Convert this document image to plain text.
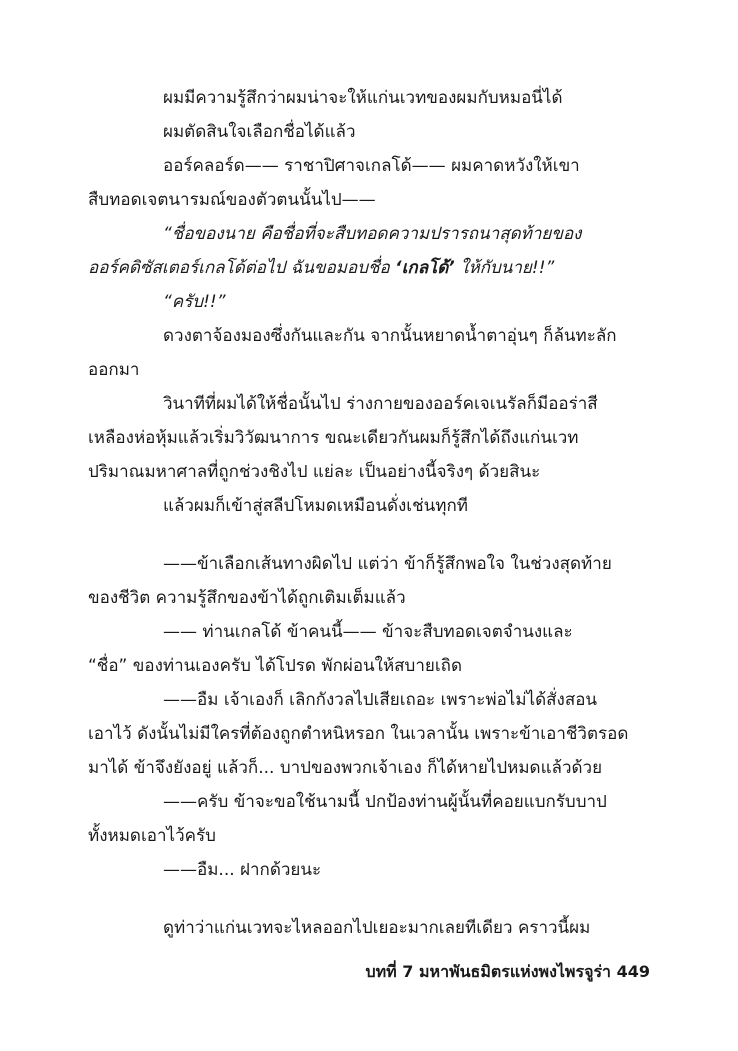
ผมมีความรู้สึกว่าผมน่าจะให้แก่นเวทของผมกับหมอนี่ได้
ผมตัดสินใจเลือกชื่อได้แล้ว
ออร์คลอร์ด—— ราชาปิศาจเกลโด้—— ผมคาดหวังให้เขา
สืบทอดเจตนารมณ์ของตัวตนนั้นไป——
“ชื่อของนาย คือชื่อที่จะสืบทอดความปรารถนาสุดท้ายของ
ออร์คดิซัสเตอร์เกลโด้ต่อไป ฉันขอมอบชื่อ ‘เกลโด้’ ให้กับนาย!!”
“ครับ!!”
ดวงตาจ้องมองซึ่งกันและกัน จากนั้นหยาดน้ำตาอุ่นๆ ก็ล้นทะลัก
ออกมา
วินาทีที่ผมได้ให้ชื่อนั้นไป ร่างกายของออร์คเจเนรัลก็มีออร่าสี
เหลืองห่อหุ้มแล้วเริ่มวิวัฒนาการ ขณะเดียวกันผมก็รู้สึกได้ถึงแก่นเวท
ปริมาณมหาศาลที่ถูกช่วงชิงไป แย่ละ เป็นอย่างนี้จริงๆ ด้วยสินะ
แล้วผมก็เข้าสู่สลีปโหมดเหมือนดั่งเช่นทุกที
——ข้าเลือกเส้นทางผิดไป แต่ว่า ข้าก็รู้สึกพอใจ ในช่วงสุดท้าย
ของชีวิต ความรู้สึกของข้าได้ถูกเติมเต็มแล้ว
—— ท่านเกลโด้ ข้าคนนี้—— ข้าจะสืบทอดเจตจำนงและ
“ชื่อ” ของท่านเองครับ ได้โปรด พักผ่อนให้สบายเถิด
——อืม เจ้าเองก็ เลิกกังวลไปเสียเถอะ เพราะพ่อไม่ได้สั่งสอน
เอาไว้ ดังนั้นไม่มีใครที่ต้องถูกตำหนิหรอก ในเวลานั้น เพราะข้าเอาชีวิตรอด
มาได้ ข้าจึงยังอยู่ แล้วก็... บาปของพวกเจ้าเอง ก็ได้หายไปหมดแล้วด้วย
——ครับ ข้าจะขอใช้นามนี้ ปกป้องท่านผู้นั้นที่คอยแบกรับบาป
ทั้งหมดเอาไว้ครับ
——อืม... ฝากด้วยนะ
ดูท่าว่าแก่นเวทจะไหลออกไปเยอะมากเลยทีเดียว คราวนี้ผม
บทที่ 7 มหาพันธมิตรแห่งพงไพรจูร่า 449
